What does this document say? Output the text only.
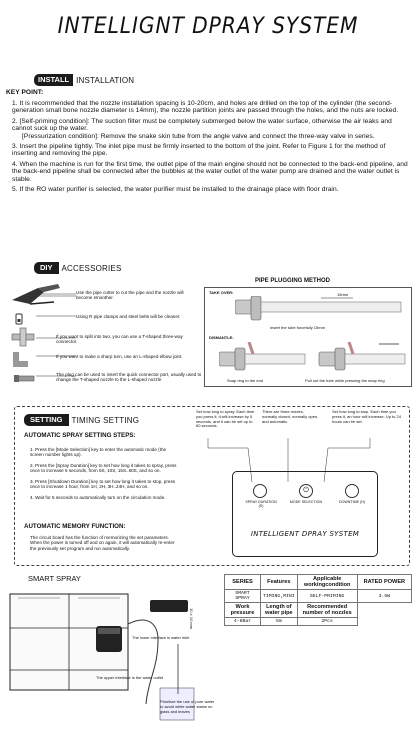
INTELLIGNT DPRAY SYSTEM
INSTALL INSTALLATION
KEY POINT:
1. It is recommended that the nozzle installation spacing is 10-20cm, and holes are drilled on the top of the cylinder (the second-generation small bone nozzle diameter is 14mm), the nozzle partition joints are passed through the holes, and the nuts are locked.
2. [Self-priming condition]: The suction filter must be completely submerged below the water surface, otherwise the air leaks and cannot suck up the water.
[Pressurization condition]: Remove the snake skin tube from the angle valve and connect the three-way valve in series.
3. Insert the pipeline tightly. The inlet pipe must be firmly inserted to the bottom of the joint. Refer to Figure 1 for the method of inserting and removing the pipe.
4. When the machine is run for the first time, the outlet pipe of the main engine should not be connected to the back-end pipeline, and the back-end pipeline shall be connected after the bubbles at the water outlet of the water pump are drained and the water outlet is stable.
5. If the RO water purifier is selected, the water purifier must be installed to the drainage place with floor drain.
DIY	ACCESSORIES
Use the pipe cutter to cut the pipe and the nozzle will become smoother.
Using R pipe clamps and steel belts will be cleaner.
If you want to split into two, you can use a T-shaped three-way connector.
If you want to make a sharp turn, use an L-shaped elbow joint.
The plug can be used to insert the quick connector port, usually used to change the T-shaped nozzle to the L-shaped nozzle
PIPE PLUGGING METHOD
TAKE OVER:	15mm
Insert the tube forcefully 15mm
DISMANTLE:
Snap ring to the end	Pull out the tube while pressing the snap ring
SETTING	TIMING SETTING
AUTOMATIC SPRAY SETTING STEPS:
1. Press the [Mode Selection] key to enter the automatic mode (the screen number lights up).
2. Press the [Spray Duration] key to set how long it takes to spray, press once to increase 5 seconds, from 5S, 10S, 15S..60S, and so on.
3. Press [Shutdown Duration] key to set how long it takes to stop, press once to increase 1 hour, from 1H, 2H, 3H..24H, and so on.
4. Wait for 5 seconds to automatically turn on the circulation mode.
AUTOMATIC MEMORY FUNCTION:
The circuit board has the function of memorizing the set parameters. When the power is turned off and on again, it will automatically re-enter the previously set program and run automatically.
Set how long to spray. Each time you press it, it will increase by 5 seconds, and it can be set up to 60 seconds.
There are three modes, normally closed, normally open, and automatic.
Set how long to stop. Each time you press it, an hour will increase. Up to 24 hours can be set.
⏻
SPRAY DURATION (S)
MODE SELECTION	DOWNTIME (H)
INTELLIGENT DPRAY SYSTEM
SMART SPRAY
The lower interface is water inlet
The upper interface is the water outlet
Prioritize the use of pure water to avoid white water stains on glass and leaves
10 ± 10 mm
SERIES	Features	Applicable workingcondition	RATED POWER
SMART SPRAY	TIMING,MINI	SELF-PRIMING	3.5W
Work pressure	Length of water pipe	Recommended number of nozzles	
4-8Bar	5m	2Pcs	
